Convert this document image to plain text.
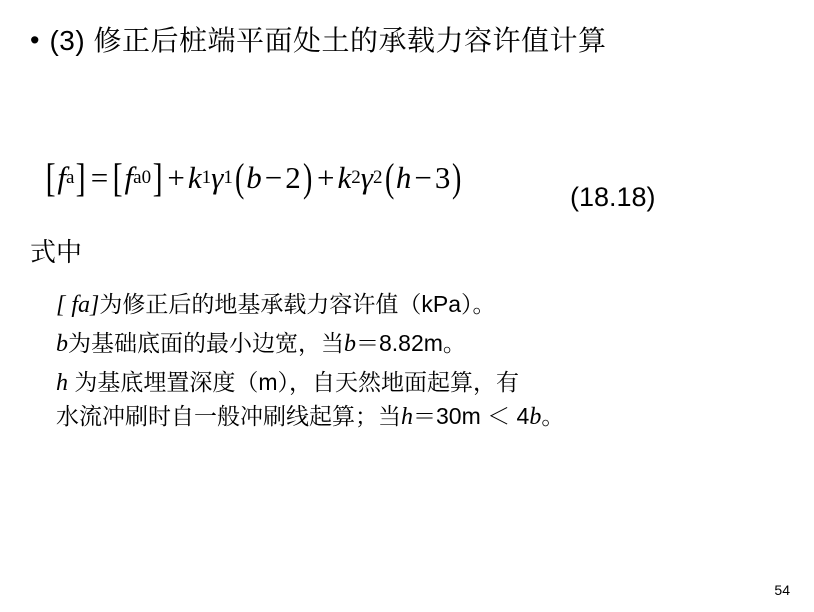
• (3) 修正后桩端平面处土的承载力容许值计算
[ f a ] = [ f a0 ] + k 1 γ 1 ( b − 2 ) + k 2 γ 2 ( h − 3 )	(18.18)
式中
[ fa]为修正后的地基承载力容许值（kPa）。
b为基础底面的最小边宽，当b＝8.82m。
h 为基底埋置深度（m），自天然地面起算，有
水流冲刷时自一般冲刷线起算；当h＝30m ＜ 4b。
54
